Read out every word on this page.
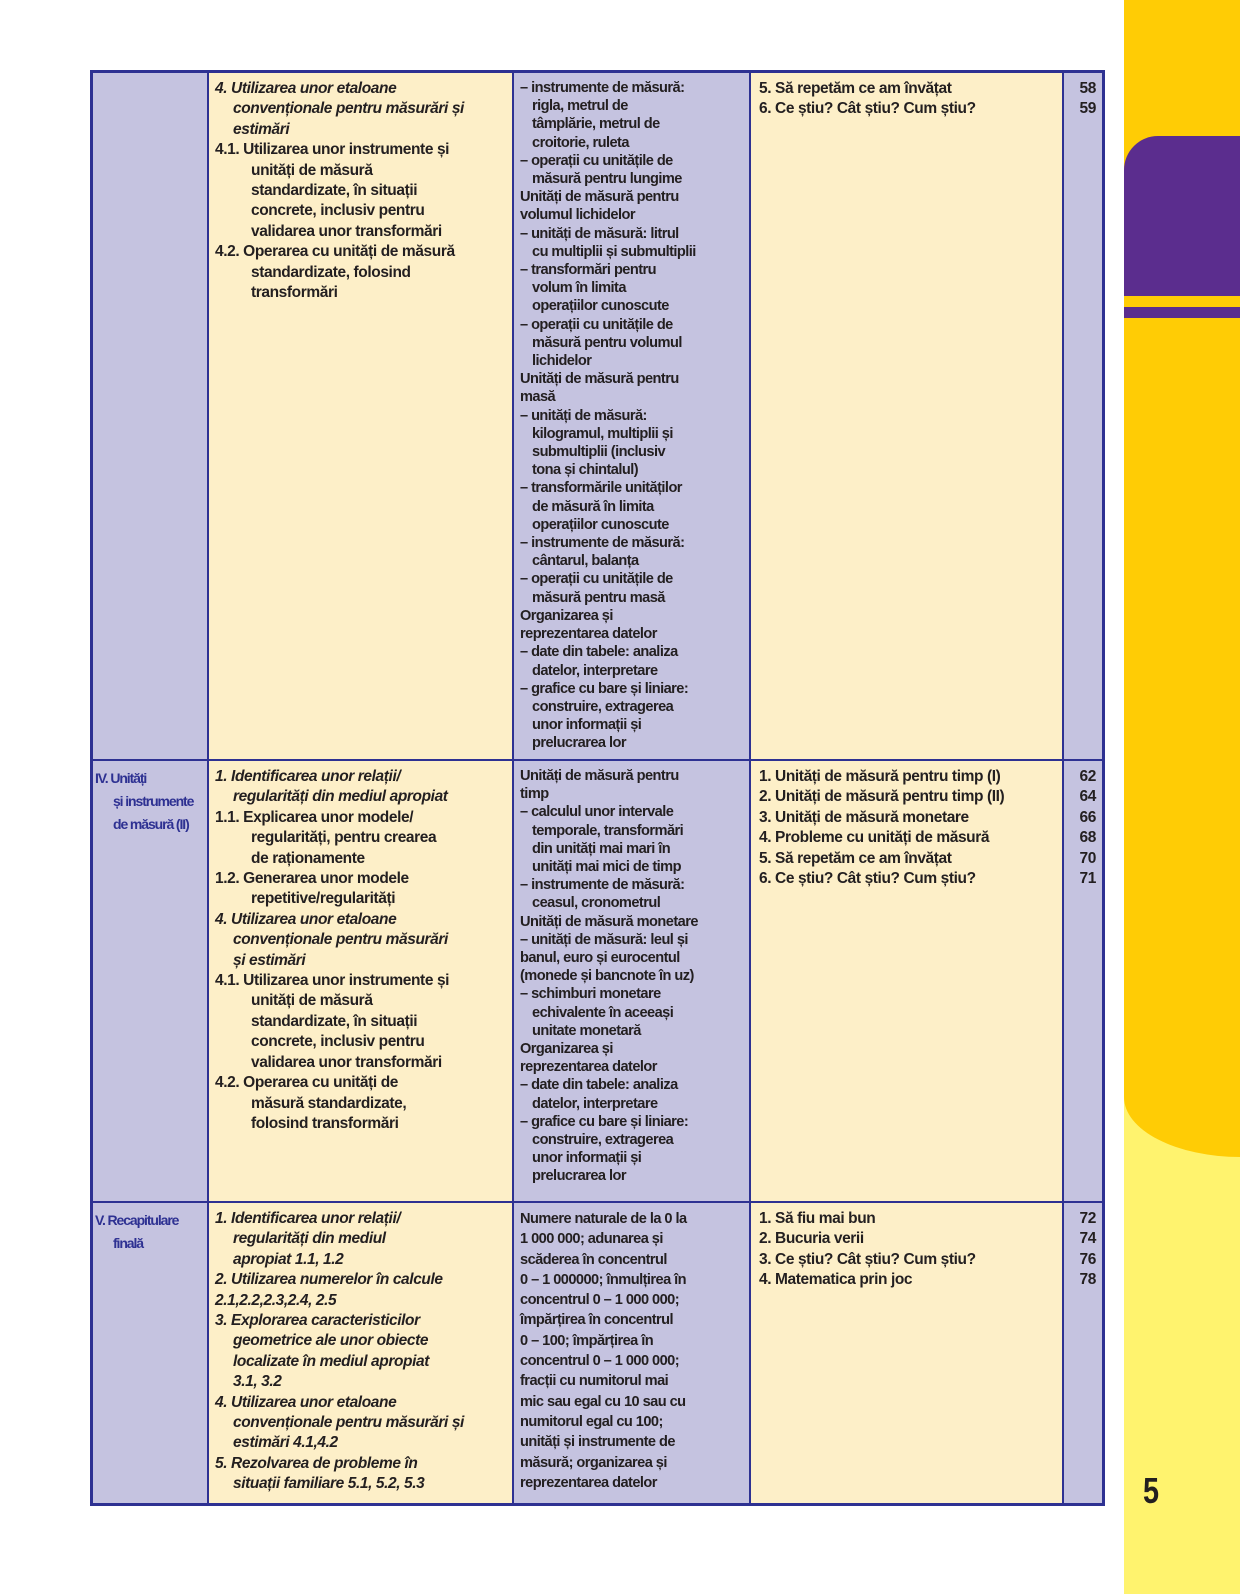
5
4. Utilizarea unor etaloane
convenționale pentru măsurări și
estimări
4.1. Utilizarea unor instrumente și
unități de măsură
standardizate, în situații
concrete, inclusiv pentru
validarea unor transformări
4.2. Operarea cu unități de măsură
standardizate, folosind
transformări
– instrumente de măsură:
rigla, metrul de
tâmplărie, metrul de
croitorie, ruleta
– operații cu unitățile de
măsură pentru lungime
Unități de măsură pentru
volumul lichidelor
– unități de măsură: litrul
cu multiplii și submultiplii
– transformări pentru
volum în limita
operațiilor cunoscute
– operații cu unitățile de
măsură pentru volumul
lichidelor
Unități de măsură pentru
masă
– unități de măsură:
kilogramul, multiplii și
submultiplii (inclusiv
tona și chintalul)
– transformările unităților
de măsură în limita
operațiilor cunoscute
– instrumente de măsură:
cântarul, balanța
– operații cu unitățile de
măsură pentru masă
Organizarea și
reprezentarea datelor
– date din tabele: analiza
datelor, interpretare
– grafice cu bare și liniare:
construire, extragerea
unor informații și
prelucrarea lor
5. Să repetăm ce am învățat
6. Ce știu? Cât știu? Cum știu?
58
59
IV. Unități
și instrumente
de măsură (II)
1. Identificarea unor relații/
regularități din mediul apropiat
1.1. Explicarea unor modele/
regularități, pentru crearea
de raționamente
1.2. Generarea unor modele
repetitive/regularități
4. Utilizarea unor etaloane
convenționale pentru măsurări
și estimări
4.1. Utilizarea unor instrumente și
unități de măsură
standardizate, în situații
concrete, inclusiv pentru
validarea unor transformări
4.2. Operarea cu unități de
măsură standardizate,
folosind transformări
Unități de măsură pentru
timp
– calculul unor intervale
temporale, transformări
din unități mai mari în
unități mai mici de timp
– instrumente de măsură:
ceasul, cronometrul
Unități de măsură monetare
– unități de măsură: leul și
banul, euro și eurocentul
(monede și bancnote în uz)
– schimburi monetare
echivalente în aceeași
unitate monetară
Organizarea și
reprezentarea datelor
– date din tabele: analiza
datelor, interpretare
– grafice cu bare și liniare:
construire, extragerea
unor informații și
prelucrarea lor
1. Unități de măsură pentru timp (I)
2. Unități de măsură pentru timp (II)
3. Unități de măsură monetare
4. Probleme cu unități de măsură
5. Să repetăm ce am învățat
6. Ce știu? Cât știu? Cum știu?
62
64
66
68
70
71
V. Recapitulare
finală
1. Identificarea unor relații/
regularități din mediul
apropiat 1.1, 1.2
2. Utilizarea numerelor în calcule
2.1,2.2,2.3,2.4, 2.5
3. Explorarea caracteristicilor
geometrice ale unor obiecte
localizate în mediul apropiat
3.1, 3.2
4. Utilizarea unor etaloane
convenționale pentru măsurări și
estimări 4.1,4.2
5. Rezolvarea de probleme în
situații familiare 5.1, 5.2, 5.3
Numere naturale de la 0 la
1 000 000; adunarea și
scăderea în concentrul
0 – 1 000000; înmulțirea în
concentrul 0 – 1 000 000;
împărțirea în concentrul
0 – 100; împărțirea în
concentrul 0 – 1 000 000;
fracții cu numitorul mai
mic sau egal cu 10 sau cu
numitorul egal cu 100;
unități și instrumente de
măsură; organizarea și
reprezentarea datelor
1. Să fiu mai bun
2. Bucuria verii
3. Ce știu? Cât știu? Cum știu?
4. Matematica prin joc
72
74
76
78
